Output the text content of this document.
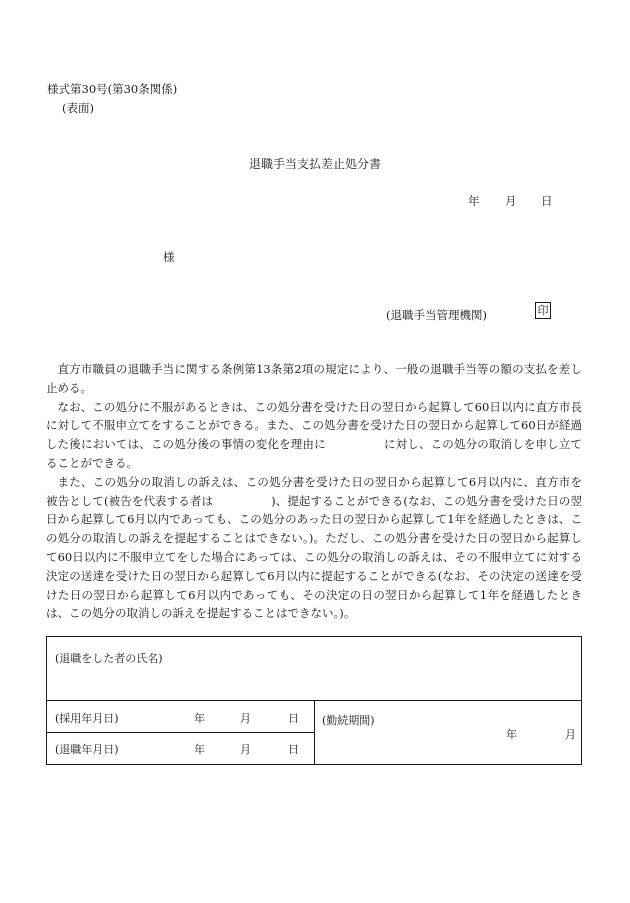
様式第30号(第30条関係)
(表面)
退職手当支払差止処分書
年 月 日
様
(退職手当管理機関)	印

直方市職員の退職手当に関する条例第13条第2項の規定により、一般の退職手当等の額の支払を差し止める。

なお、この処分に不服があるときは、この処分書を受けた日の翌日から起算して60日以内に直方市長に対して不服申立てをすることができる。また、この処分書を受けた日の翌日から起算して60日が経過した後においては、この処分後の事情の変化を理由に　　　　　に対し、この処分の取消しを申し立てることができる。

また、この処分の取消しの訴えは、この処分書を受けた日の翌日から起算して6月以内に、直方市を被告として(被告を代表する者は　　　　　)、提起することができる(なお、この処分書を受けた日の翌日から起算して6月以内であっても、この処分のあった日の翌日から起算して1年を経過したときは、この処分の取消しの訴えを提起することはできない。)。ただし、この処分書を受けた日の翌日から起算して60日以内に不服申立てをした場合にあっては、この処分の取消しの訴えは、その不服申立てに対する決定の送達を受けた日の翌日から起算して6月以内に提起することができる(なお、その決定の送達を受けた日の翌日から起算して6月以内であっても、その決定の日の翌日から起算して1年を経過したときは、この処分の取消しの訴えを提起することはできない。)。

(退職をした者の氏名)
(採用年月日)	年	月	日
(退職年月日)	年	月	日
(勤続期間)
年	月
